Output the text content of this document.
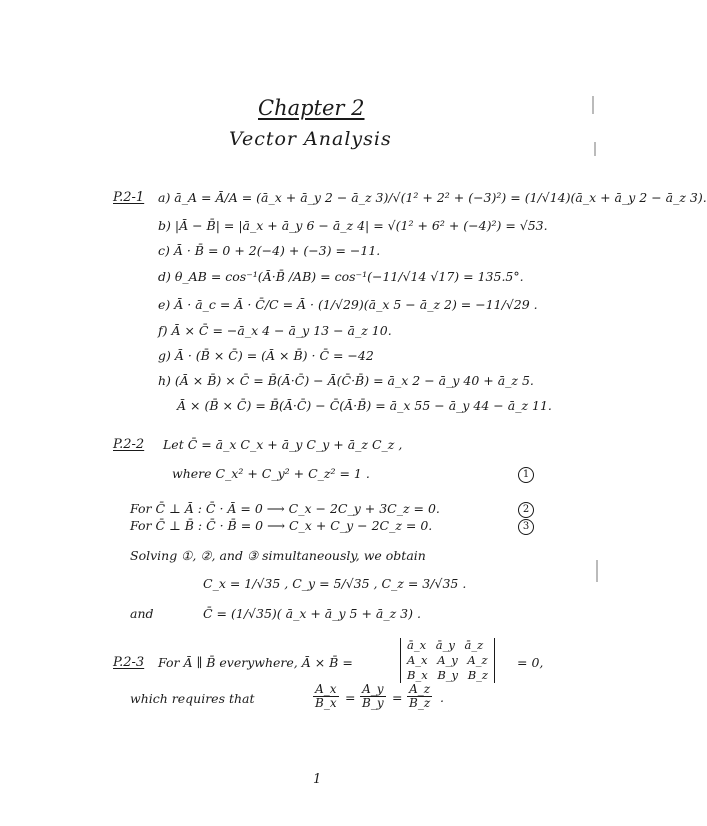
Chapter 2
Vector Analysis
P.2-1 a) ā_A = Ā/A = (ā_x + ā_y 2 − ā_z 3)/√(1² + 2² + (−3)²) = (1/√14)(ā_x + ā_y 2 − ā_z 3).
b) |Ā − B̄| = |ā_x + ā_y 6 − ā_z 4| = √(1² + 6² + (−4)²) = √53.
c) Ā · B̄ = 0 + 2(−4) + (−3) = −11.
d) θ_AB = cos⁻¹(Ā·B̄ /AB) = cos⁻¹(−11/√14 √17) = 135.5°.
e) Ā · ā_c = Ā · C̄/C = Ā · (1/√29)(ā_x 5 − ā_z 2) = −11/√29 .
f) Ā × C̄ = −ā_x 4 − ā_y 13 − ā_z 10.
g) Ā · (B̄ × C̄) = (Ā × B̄) · C̄ = −42
h) (Ā × B̄) × C̄ = B̄(Ā·C̄) − Ā(C̄·B̄) = ā_x 2 − ā_y 40 + ā_z 5.
Ā × (B̄ × C̄) = B̄(Ā·C̄) − C̄(Ā·B̄) = ā_x 55 − ā_y 44 − ā_z 11.
P.2-2 Let C̄ = ā_x C_x + ā_y C_y + ā_z C_z ,
where C_x² + C_y² + C_z² = 1 .	1
For C̄ ⊥ Ā : C̄ · Ā = 0 ⟶ C_x − 2C_y + 3C_z = 0.	2
For C̄ ⊥ B̄ : C̄ · B̄ = 0 ⟶ C_x + C_y − 2C_z = 0.	3
Solving ①, ②, and ③ simultaneously, we obtain
C_x = 1/√35 , C_y = 5/√35 , C_z = 3/√35 .
and	C̄ = (1/√35)( ā_x + ā_y 5 + ā_z 3) .
P.2-3 For Ā ∥ B̄ everywhere, Ā × B̄ =
ā_x ā_y ā_z
A_x A_y A_z
B_x B_y B_z
= 0,
which requires that	$\frac{A\_x}{B\_x} = \frac{A\_y}{B\_y} = \frac{A\_z}{B\_z}$ .
1
